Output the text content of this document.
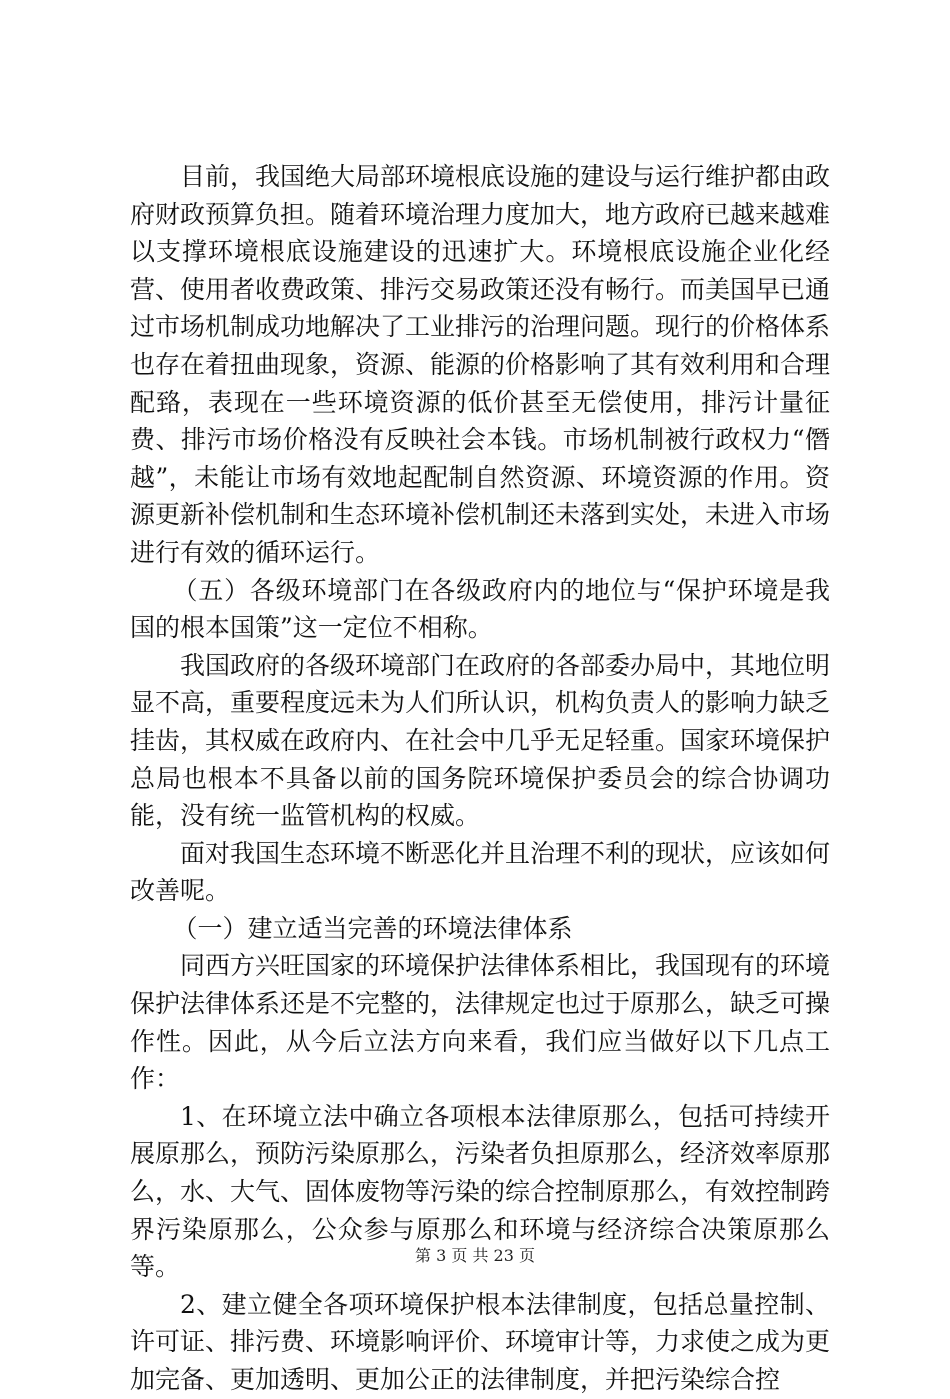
目前，我国绝大局部环境根底设施的建设与运行维护都由政府财政预算负担。随着环境治理力度加大，地方政府已越来越难以支撑环境根底设施建设的迅速扩大。环境根底设施企业化经营、使用者收费政策、排污交易政策还没有畅行。而美国早已通过市场机制成功地解决了工业排污的治理问题。现行的价格体系也存在着扭曲现象，资源、能源的价格影响了其有效利用和合理配臵，表现在一些环境资源的低价甚至无偿使用，排污计量征费、排污市场价格没有反映社会本钱。市场机制被行政权力“僭越”，未能让市场有效地起配制自然资源、环境资源的作用。资源更新补偿机制和生态环境补偿机制还未落到实处，未进入市场进行有效的循环运行。

（五）各级环境部门在各级政府内的地位与“保护环境是我国的根本国策”这一定位不相称。

我国政府的各级环境部门在政府的各部委办局中，其地位明显不高，重要程度远未为人们所认识，机构负责人的影响力缺乏挂齿，其权威在政府内、在社会中几乎无足轻重。国家环境保护总局也根本不具备以前的国务院环境保护委员会的综合协调功能，没有统一监管机构的权威。

面对我国生态环境不断恶化并且治理不利的现状，应该如何改善呢。

（一）建立适当完善的环境法律体系

同西方兴旺国家的环境保护法律体系相比，我国现有的环境保护法律体系还是不完整的，法律规定也过于原那么，缺乏可操作性。因此，从今后立法方向来看，我们应当做好以下几点工作：

1、在环境立法中确立各项根本法律原那么，包括可持续开展原那么，预防污染原那么，污染者负担原那么，经济效率原那么，水、大气、固体废物等污染的综合控制原那么，有效控制跨界污染原那么，公众参与原那么和环境与经济综合决策原那么等。

2、建立健全各项环境保护根本法律制度，包括总量控制、许可证、排污费、环境影响评价、环境审计等，力求使之成为更加完备、更加透明、更加公正的法律制度，并把污染综合控

第 3 页 共 23 页
